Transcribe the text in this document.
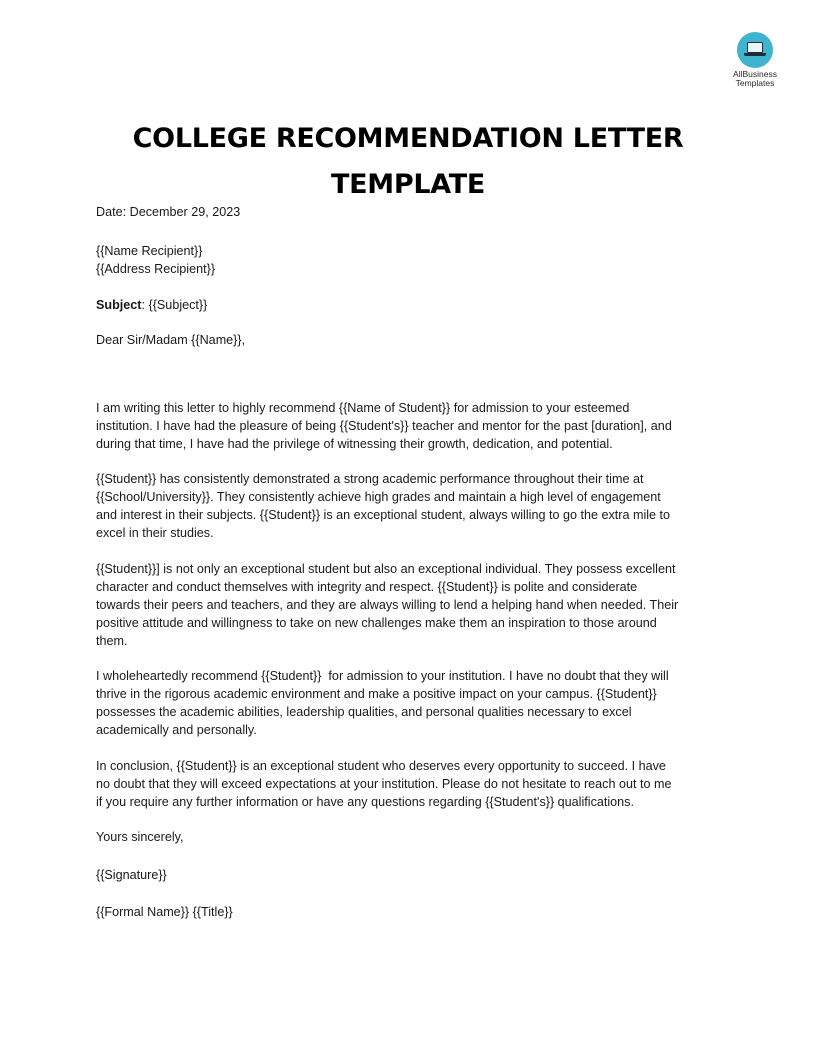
AllBusiness
Templates
COLLEGE RECOMMENDATION LETTER
TEMPLATE
Date: December 29, 2023
{{Name Recipient}}
{{Address Recipient}}
Subject: {{Subject}}
Dear Sir/Madam {{Name}},
I am writing this letter to highly recommend {{Name of Student}} for admission to your esteemed
institution. I have had the pleasure of being {{Student's}} teacher and mentor for the past [duration], and
during that time, I have had the privilege of witnessing their growth, dedication, and potential.
{{Student}} has consistently demonstrated a strong academic performance throughout their time at
{{School/University}}. They consistently achieve high grades and maintain a high level of engagement
and interest in their subjects. {{Student}} is an exceptional student, always willing to go the extra mile to
excel in their studies.
{{Student}}] is not only an exceptional student but also an exceptional individual. They possess excellent
character and conduct themselves with integrity and respect. {{Student}} is polite and considerate
towards their peers and teachers, and they are always willing to lend a helping hand when needed. Their
positive attitude and willingness to take on new challenges make them an inspiration to those around
them.
I wholeheartedly recommend {{Student}}  for admission to your institution. I have no doubt that they will
thrive in the rigorous academic environment and make a positive impact on your campus. {{Student}}
possesses the academic abilities, leadership qualities, and personal qualities necessary to excel
academically and personally.
In conclusion, {{Student}} is an exceptional student who deserves every opportunity to succeed. I have
no doubt that they will exceed expectations at your institution. Please do not hesitate to reach out to me
if you require any further information or have any questions regarding {{Student's}} qualifications.
Yours sincerely,
{{Signature}}
{{Formal Name}} {{Title}}
